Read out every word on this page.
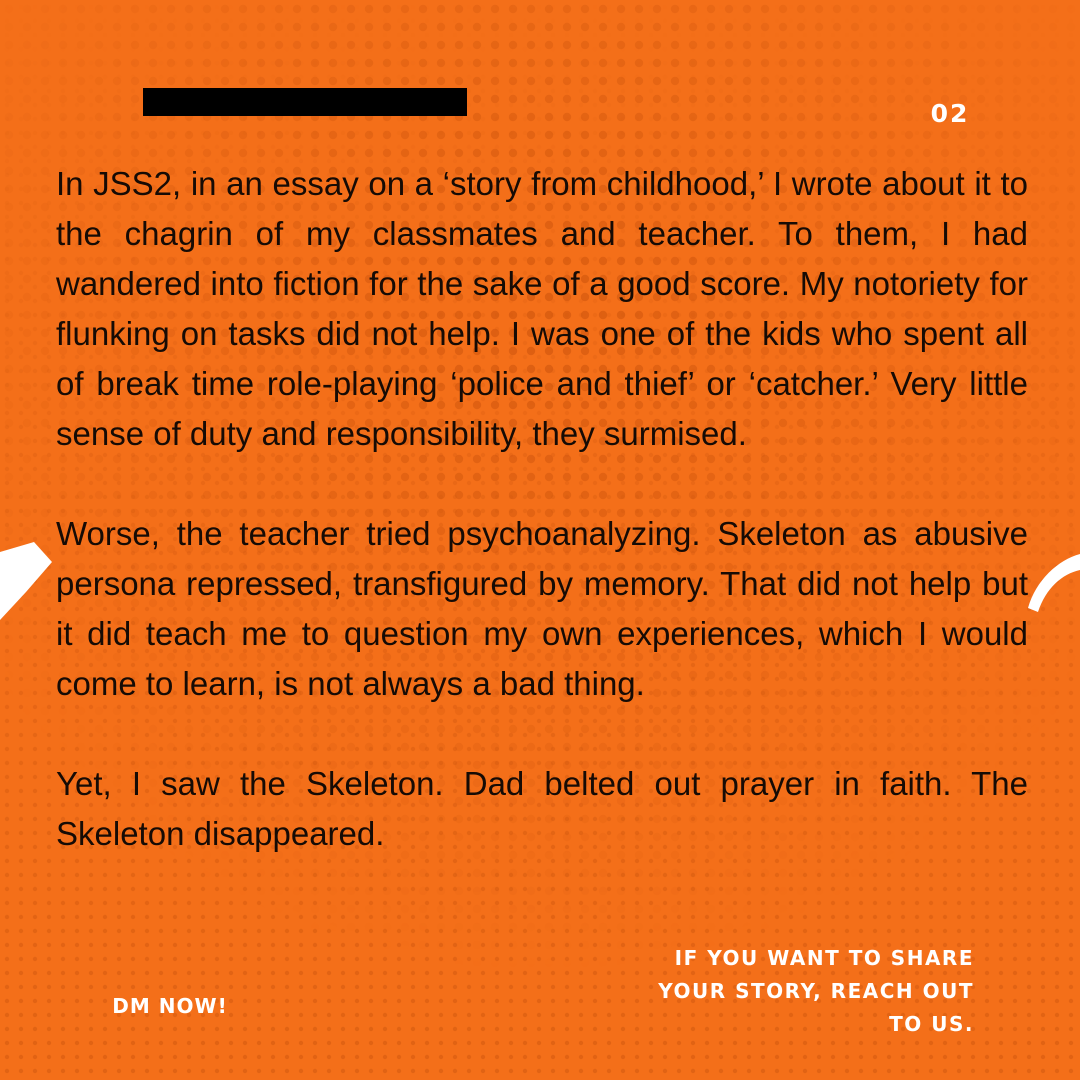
02

In JSS2, in an essay on a ‘story from childhood,’ I wrote about it to the chagrin of my classmates and teacher. To them, I had wandered into fiction for the sake of a good score. My notoriety for flunking on tasks did not help. I was one of the kids who spent all of break time role-playing ‘police and thief’ or ‘catcher.’ Very little sense of duty and responsibility, they surmised.

Worse, the teacher tried psychoanalyzing. Skeleton as abusive persona repressed, transfigured by memory. That did not help but it did teach me to question my own experiences, which I would come to learn, is not always a bad thing.

Yet, I saw the Skeleton. Dad belted out prayer in faith. The Skeleton disappeared.

DM NOW!
IF YOU WANT TO SHARE
YOUR STORY, REACH OUT
TO US.
